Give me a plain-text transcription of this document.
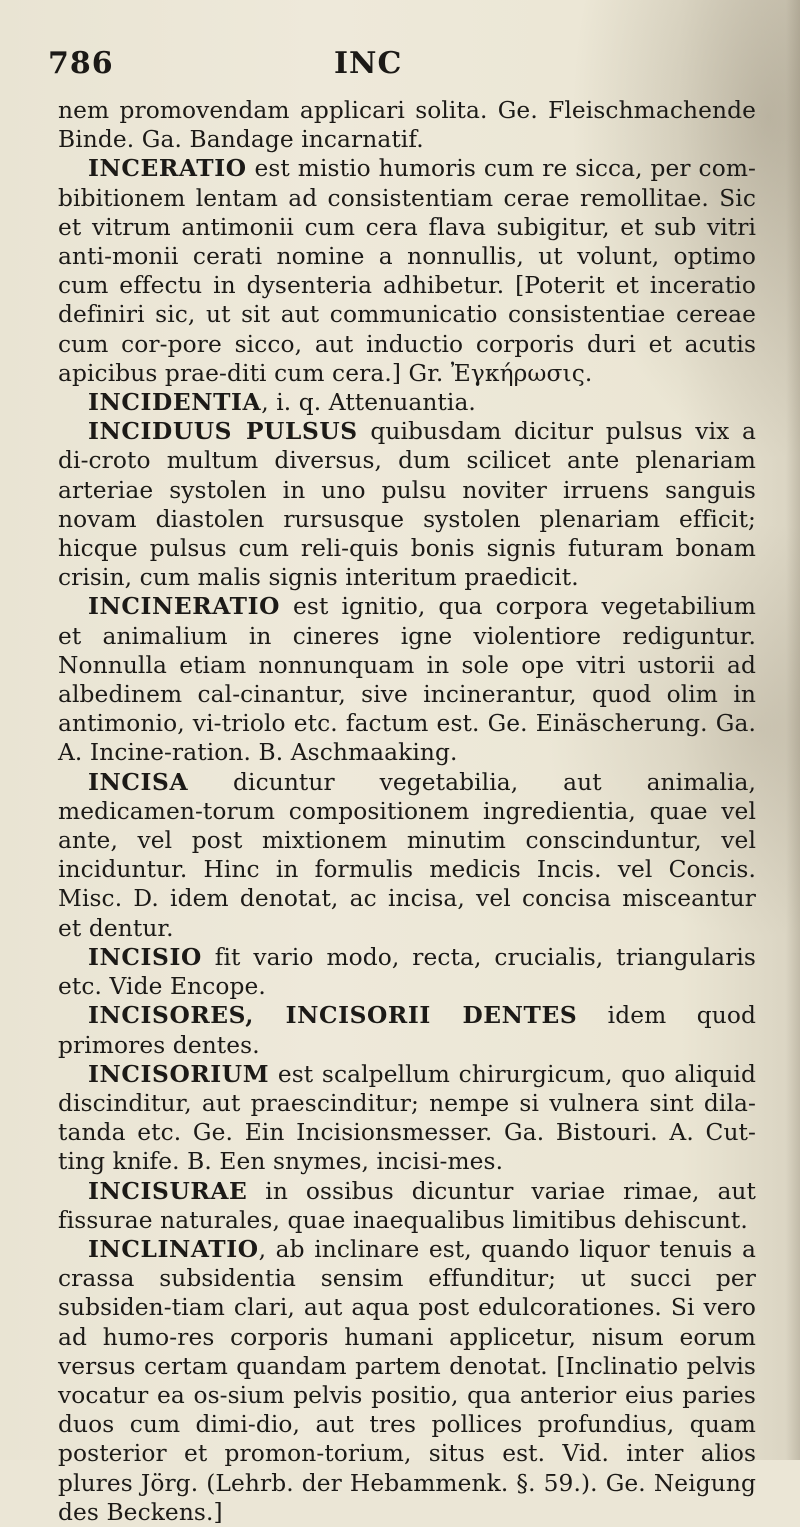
786	INC

nem promovendam applicari solita. Ge. Fleischmachende Binde. Ga. Bandage incarnatif.

INCERATIO est mistio humoris cum re sicca, per com-bibitionem lentam ad consistentiam cerae remollitae. Sic et vitrum antimonii cum cera flava subigitur, et sub vitri anti-monii cerati nomine a nonnullis, ut volunt, optimo cum effectu in dysenteria adhibetur. [Poterit et inceratio definiri sic, ut sit aut communicatio consistentiae cereae cum cor-pore sicco, aut inductio corporis duri et acutis apicibus prae-diti cum cera.] Gr. Ἐγκήρωσις.

INCIDENTIA, i. q. Attenuantia.

INCIDUUS PULSUS quibusdam dicitur pulsus vix a di-croto multum diversus, dum scilicet ante plenariam arteriae systolen in uno pulsu noviter irruens sanguis novam diastolen rursusque systolen plenariam efficit; hicque pulsus cum reli-quis bonis signis futuram bonam crisin, cum malis signis interitum praedicit.

INCINERATIO est ignitio, qua corpora vegetabilium et animalium in cineres igne violentiore rediguntur. Nonnulla etiam nonnunquam in sole ope vitri ustorii ad albedinem cal-cinantur, sive incinerantur, quod olim in antimonio, vi-triolo etc. factum est. Ge. Einäscherung. Ga. A. Incine-ration. B. Aschmaaking.

INCISA dicuntur vegetabilia, aut animalia, medicamen-torum compositionem ingredientia, quae vel ante, vel post mixtionem minutim conscinduntur, vel inciduntur. Hinc in formulis medicis Incis. vel Concis. Misc. D. idem denotat, ac incisa, vel concisa misceantur et dentur.

INCISIO fit vario modo, recta, crucialis, triangularis etc. Vide Encope.

INCISORES, INCISORII DENTES idem quod primores dentes.

INCISORIUM est scalpellum chirurgicum, quo aliquid discinditur, aut praescinditur; nempe si vulnera sint dila-tanda etc. Ge. Ein Incisionsmesser. Ga. Bistouri. A. Cut-ting knife. B. Een snymes, incisi-mes.

INCISURAE in ossibus dicuntur variae rimae, aut fissurae naturales, quae inaequalibus limitibus dehiscunt.

INCLINATIO, ab inclinare est, quando liquor tenuis a crassa subsidentia sensim effunditur; ut succi per subsiden-tiam clari, aut aqua post edulcorationes. Si vero ad humo-res corporis humani applicetur, nisum eorum versus certam quandam partem denotat. [Inclinatio pelvis vocatur ea os-sium pelvis positio, qua anterior eius paries duos cum dimi-dio, aut tres pollices profundius, quam posterior et promon-torium, situs est. Vid. inter alios plures Jörg. (Lehrb. der Hebammenk. §. 59.). Ge. Neigung des Beckens.]
